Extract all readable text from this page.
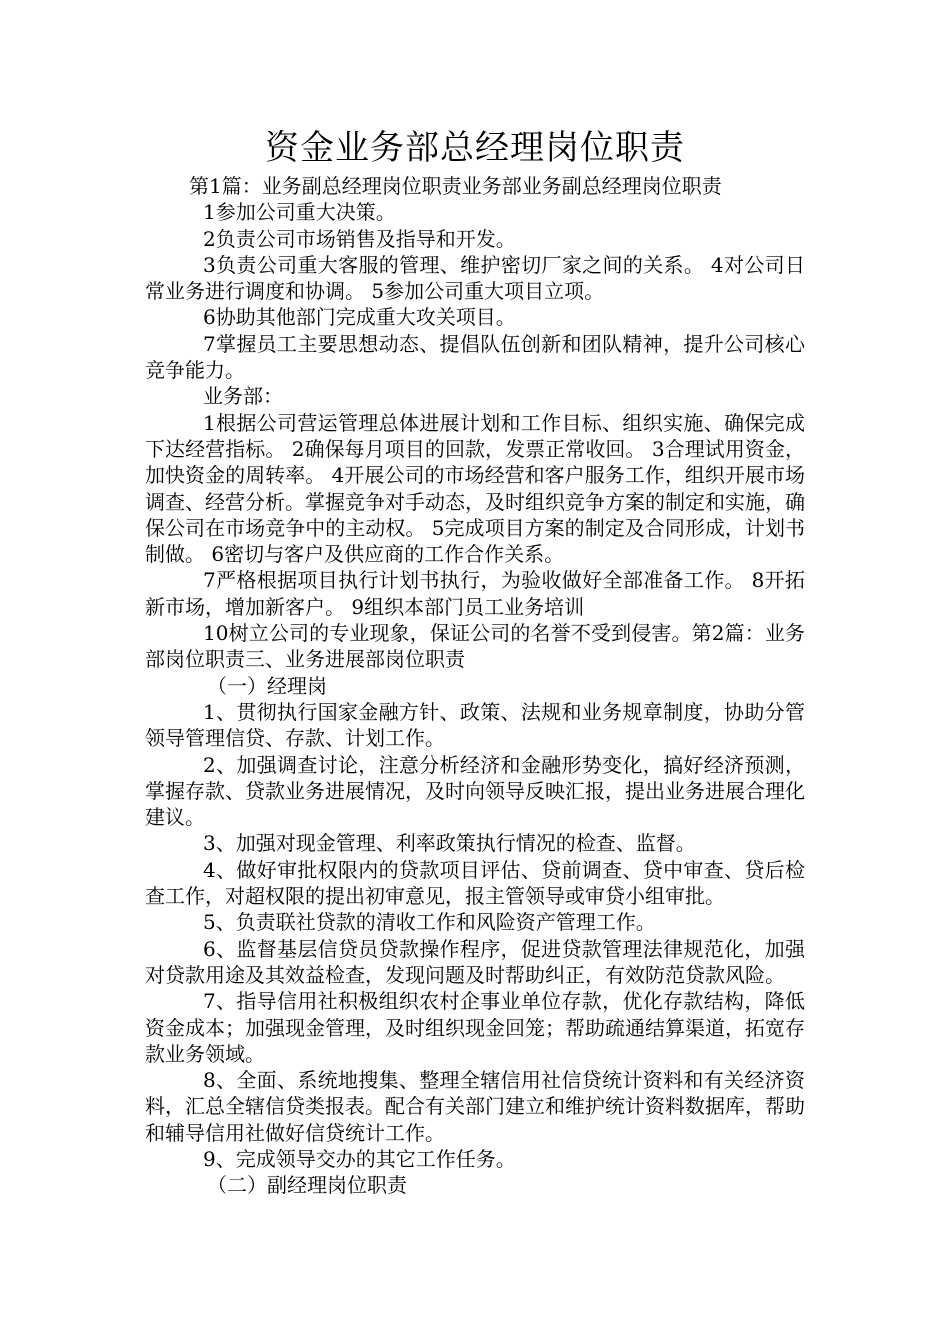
资金业务部总经理岗位职责

第1篇：业务副总经理岗位职责业务部业务副总经理岗位职责

1参加公司重大决策。

2负责公司市场销售及指导和开发。

3负责公司重大客服的管理、维护密切厂家之间的关系。 4对公司日常业务进行调度和协调。 5参加公司重大项目立项。

6协助其他部门完成重大攻关项目。

7掌握员工主要思想动态、提倡队伍创新和团队精神，提升公司核心竞争能力。

业务部：

1根据公司营运管理总体进展计划和工作目标、组织实施、确保完成下达经营指标。 2确保每月项目的回款，发票正常收回。 3合理试用资金，加快资金的周转率。 4开展公司的市场经营和客户服务工作，组织开展市场调查、经营分析。掌握竞争对手动态，及时组织竞争方案的制定和实施，确保公司在市场竞争中的主动权。 5完成项目方案的制定及合同形成，计划书制做。 6密切与客户及供应商的工作合作关系。

7严格根据项目执行计划书执行，为验收做好全部准备工作。 8开拓新市场，增加新客户。 9组织本部门员工业务培训

10树立公司的专业现象，保证公司的名誉不受到侵害。第2篇：业务部岗位职责三、业务进展部岗位职责

（一）经理岗

1、贯彻执行国家金融方针、政策、法规和业务规章制度，协助分管领导管理信贷、存款、计划工作。

2、加强调查讨论，注意分析经济和金融形势变化，搞好经济预测，掌握存款、贷款业务进展情况，及时向领导反映汇报，提出业务进展合理化建议。

3、加强对现金管理、利率政策执行情况的检查、监督。

4、做好审批权限内的贷款项目评估、贷前调查、贷中审查、贷后检查工作，对超权限的提出初审意见，报主管领导或审贷小组审批。

5、负责联社贷款的清收工作和风险资产管理工作。

6、监督基层信贷员贷款操作程序，促进贷款管理法律规范化，加强对贷款用途及其效益检查，发现问题及时帮助纠正，有效防范贷款风险。

7、指导信用社积极组织农村企事业单位存款，优化存款结构，降低资金成本；加强现金管理，及时组织现金回笼；帮助疏通结算渠道，拓宽存款业务领域。

8、全面、系统地搜集、整理全辖信用社信贷统计资料和有关经济资料，汇总全辖信贷类报表。配合有关部门建立和维护统计资料数据库，帮助和辅导信用社做好信贷统计工作。

9、完成领导交办的其它工作任务。

（二）副经理岗位职责
